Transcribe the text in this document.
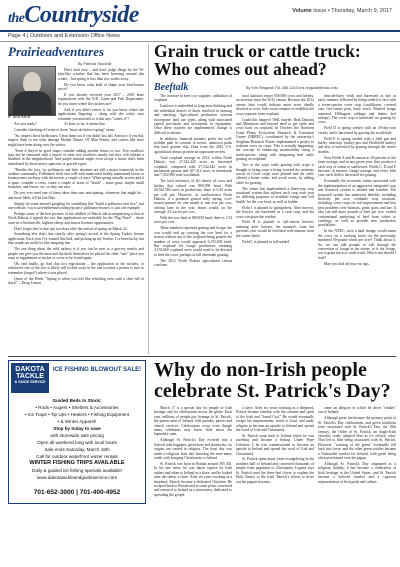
theCountryside	Volume Issue • Thursday, March 9, 2017
Page 4 | Outdoors and Extension Office News
Prairieadventures
By Patricia Stockhill
P. Stockhill

Don't look now – and don't judge things by the 50-plus-like weather that has been hovering around this winter – but spring is less than two weeks away.

Do you know what kind of shape your bird-houses are in?

If you already received your 2017 – 2018 lease registrations with the N.D. Game and Fish Department, do you know where the stickers are?

And if you didn't renew it, do you know where the applications lingering – along with the sticky note reminder you attached to it that says "renew it"?

At least so far, it seems fine.

Are you ready?

Consider checking off some of these "must-do-before-spring" items:

"So, inspect those birdhouses. Clean them out if you didn't last fall. And now if you did, inspect them to see what damage Mother Nature, Ol' Man Winter, and critters like mice might have been doing over the winter.

"Even if they're in good shape consider adding another house or two. Tree swallows may not be reassured with a bunch of other tree swallows nearby but they will tolerate a bluebird in the neighborhood. And purple martins might even accept a house that's been abandoned by those messy sparrows or grackle types.

"Besides the joys, for pollinators and their destinies are still a major teamwork in the outdoor community. Pollinators don't fare well with manicured freshly maintained lawns or homeowners too busy with the mower a couple of ways. When spring actually arrives and it is gone, consider a cross, create a couple of areas of "brush" – some grass, maybe small branches, and leaves, etc. so they can nest.

Do you ever need one of these ideas then start anticipating: whenever that might be – and more likely it'll be late May.

Simply do some internet googling for something like "build a pollinator nest box", but one website, /www.savethebeesnowordmy/project/ pollinator-houses/ is just one example.

Perhaps some of the best pictures of the wildlife of March and accompanying is that in North Dakota it signals the fact that applications are available for the "Big Three" – those once-in-a-lifetime elk, bighorn sheep, and moose licenses opportunities.

Don't forget they're due just two days after the arrival of spring on March 22.

Something else that's due shortly after spring's arrival is the Spring Turkey license application. Each year I've wanted this bird, and picking up my license, I've been lucky, but that sounds an awful lot like tempting fate.

The one thing about the wild turkeys is if you can be next to a grocery nearby and people can give you the meat and the birds themselves be placed the other "safe" place you want to supplement or sticker or cover to be found again.

Oh, and finally, go find that lost registration – the application or the stickers, or whichever one of the two is likely still locked away in the one location a person is sure to remember (forget?) where it was placed.

Quote of the Week: "Spring is when you feel like whistling even with a shoe full of slush." – Doug Larson

Grain truck or cattle truck: Who comes out ahead?
Beeftalk	By Kris Ringwall 701.456.1103 kris.ringwall@ndsu.edu

The increase in beef cow supplies: utilization of cropland.

Land use is embedded in long-term thinking and the individual desires of those involved in farming and ranching. Agricultural production systems incorporate land use types, along with associated capital purchases and investment in equipment. Once these systems are implemented, change is difficult to initiate.

In addition, financial partners prefer the well-trodden path in contrast to newer, unknown paths that have greater risk. Data from the 2012 U.S. agricultural census provide an opportune review.

Total cropland acreage in 2012, within North Dakota, was 27,542,443 acres as harvested cropland, compared with 27,542,442 acres in permanent pasture and 207,414 acres in farmsteads and 7,952,900 total woodlands.

The total inventory of all classes of cows and heifers that calved was 869,958 head. With 26,542,584 acres in production, there is 0.43 acres per calf per. However, in southwestern North Dakota, if a producer grazed early spring, cool-season pasture for one month at one acre per cow, calving later in the year, leases would, on the average, 23.4 acres per cow.

With the cow herd at 869,958 head, there is 1.54 acres per cow.

These numbers represent grazing and forage; the cow would end up carrying the cow herd for a season without any of the cropland being grazed, the number of cows would approach 6,155,658 head. But cropland for forage production, meaning 4,155,660 cropland acres would need to be devoted to feed the cows, perhaps as fall aftermath grazing.

The 2012 North Dakota agricultural census confirms.

tural statistics report 656,000 cows and heifers, an increase since the 2012 census. Because the 2012 census data would indicate more acres ideally devoted to cows, little room remains to establish the cows separate from cropland.

Could this happen? Well, maybe. Both Dakotas and Minnesota and beyond need to get cattle and cows back on cropland. In October, the Northern Great Plains Ecosystem Research & Extension Center (NRREC), coordinated by the university's Sorghum Research Planet, implemented a project to evaluate cows on crops. This is actually happening, the concept of enhancing sustainability using a multi-species, along with integrating beef cattle grazing on cropland.

Two of the ways cattle grazing with crops is thought to bring crops a bring forward the nutrients across of Cover crops were planted and the cattle offered a better value, and avoid stress, by adding cattle for grazing.

The center has implemented a three-year crop rotational system that utilizes each crop each year for differing purposes of available forage and 'soil health' for the cow herd, as well as fodder.

Field 1 is planted to springwheat. After harvest, the flowers are harvested as a cash crop, and the cows can graze the residue.

Field B is planted to full-season harvest, meaning after harvest, the manure's from the previous year would be fertilized with manure from the winter herds.

Field C is planted in fall-seeded

triticale-hairy vetch and harvested as hay in early summer, followed by being seeded to face with a seven-species cover crop (cauliflower, covered oats, five-winter peas, hairy vetch, Winfred forage rapeseed, Hillington cabbage and hunter leaf turnips). The cover crop is harvested via grazing by cows.

Field D is spring seeded with an 18-day-corn variety and is harvested by grazing the swath bale.

Field E is spring seeded with a field pea and barley intercrop (turkey-pea and Hochfield barley) and also is harvested by grazing through the winter months.

Now Fields A and B remain as 40 percent of the farm acreage, and in any given year, they produce a cash crop of wheat or sunflowers. Fields C, D and E become, in essence, forage acreage, and every fifth year, each field is harvested for grazing.

Eventually the economic values associated with the implementation of an aggressive integrated crop and livestock system is headed and feasible. The proposed system has numerous benefits, including diversity per acre, workable crop rotations, including cover crops for soil improvement and less pest problems over biomass, grain, grass and hay. It also can add more pounds of beef per acre, extend conventional marketing of beef from calves to yearlings, as well as provide new production possibilities.

In the NNEC, such a land change would mean the cows on a working move on the previously marketed 90-pound wheat per acre? Think about it. So, we can add pounds of calf through the conversion of forage in the winter, or is the forage, not to grain truck or cattle truck. Which one should I feed?

May you find all your ear tags.

DAKOTA
TACKLE
& GUIDE SERVICE
ICE FISHING BLOWOUT SALE!
Guided Beds In Stock:
• Rods • Augers • Shelters & Accessories
• Ice Traps • Tip Ups • Heaters • Fishing Equipment
• & Winter Apparel!
Stop by today to save
with storewide sale pricing
Open all weekend long with local hours
Sale ends Saturday, March 18th
Call for outdoor waterfront winter rentals
WINTER FISHING TRIPS AVAILABLE
Daily & guided ice fishing specials available!
www.dakotatackleandguideservice.com
701-652-3000 | 701-400-4952
Why do non-Irish people celebrate St. Patrick's Day?

March 17 is a special day for people of Irish heritage and for celebrations across the globe. Each year, millions of people pay homage to St. Patrick, the patron saint of Ireland, with parades, parties and church services. Celebrations occur even though many celebrants may know little about the legendary saint.

Although St. Patrick's Day evolved into a festival with bagpipes, green beer and shamrocks, its origins are rooted in religion. The feast day was made a religious feast day honoring the man many credit with bringing Christianity to Ireland.

St. Patrick was born in Britain around 385 AD. In his late teens, he was taken captive by Irish raiders and taken to Ireland as a slave, and he looked after the sheep, a slave. After six years working as a shepherd, Patrick became a dedicated Christian. He escaped back to Britain and at some point, converted and returned to Ireland as a missionary, dedicated to spreading the gospel.

a slave. After six years working as a shepherd, Patrick became familiar with the customs and spirit of the Irish and "found God." He would eventually escape his imprisonment, travel to Gaul, and study religion to become an apostle to Ireland and spread the word of God and Christianity.

St. Patrick went back to Ireland where he was traveling and became a bishop. Under Pope Celestine I, he was commissioned to become an apostle to Ireland and spread the word of God and Christianity.

St. Patrick spent many years evangelizing in the northern half of Ireland and converted thousands of people from paganism to Christianity. Legend says St. Patrick used the three-leaf clover to explain the Holy Trinity to the Irish. Patrick's efforts to drive out the pagans became...

came an allegory in which he drove "snakes" out of Ireland.

Although great fun became the primary point of St. Patrick's Day celebrations, and green traditions were associated with St. Patrick's Day, the 18th century, the Order of St. Patrick, an Anglo-Irish chivalric order, adopted blue as it's official color. That led to blue being associated with St. Patrick. However, "wearing of the green" eventually fell back into favor, and the other green articles became a Nationalist symbol for Ireland, with green being often proclaimed over the pagan.

Although St. Patrick's Day originated as a religious holiday, it has become a celebration of Irish heritage in the United States, and St. Patrick became a beloved symbol and a vigorous representation of Irish pride and culture.
